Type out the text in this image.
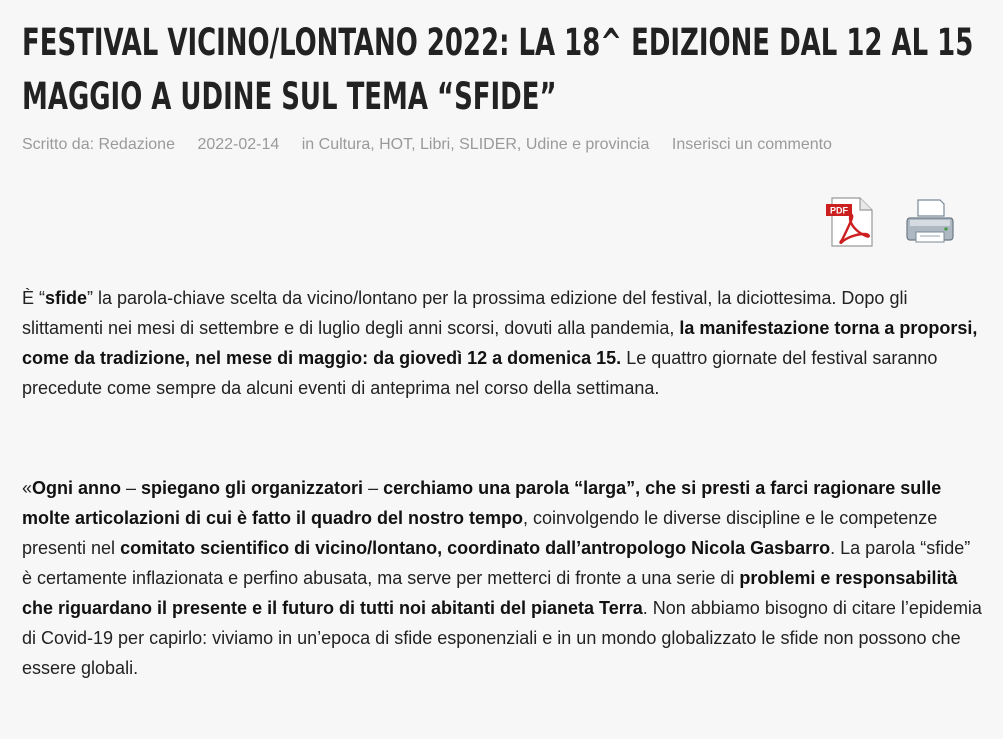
FESTIVAL VICINO/LONTANO 2022: LA 18^ EDIZIONE DAL 12 AL 15 MAGGIO A UDINE SUL TEMA “SFIDE”
Scritto da: Redazione 2022-02-14 in Cultura, HOT, Libri, SLIDER, Udine e provincia Inserisci un commento
PDF

È “sfide” la parola-chiave scelta da vicino/lontano per la prossima edizione del festival, la diciottesima. Dopo gli slittamenti nei mesi di settembre e di luglio degli anni scorsi, dovuti alla pandemia, la manifestazione torna a proporsi, come da tradizione, nel mese di maggio: da giovedì 12 a domenica 15. Le quattro giornate del festival saranno precedute come sempre da alcuni eventi di anteprima nel corso della settimana.

«Ogni anno – spiegano gli organizzatori – cerchiamo una parola “larga”, che si presti a farci ragionare sulle molte articolazioni di cui è fatto il quadro del nostro tempo, coinvolgendo le diverse discipline e le competenze presenti nel comitato scientifico di vicino/lontano, coordinato dall’antropologo Nicola Gasbarro. La parola “sfide” è certamente inflazionata e perfino abusata, ma serve per metterci di fronte a una serie di problemi e responsabilità che riguardano il presente e il futuro di tutti noi abitanti del pianeta Terra. Non abbiamo bisogno di citare l’epidemia di Covid-19 per capirlo: viviamo in un’epoca di sfide esponenziali e in un mondo globalizzato le sfide non possono che essere globali.
